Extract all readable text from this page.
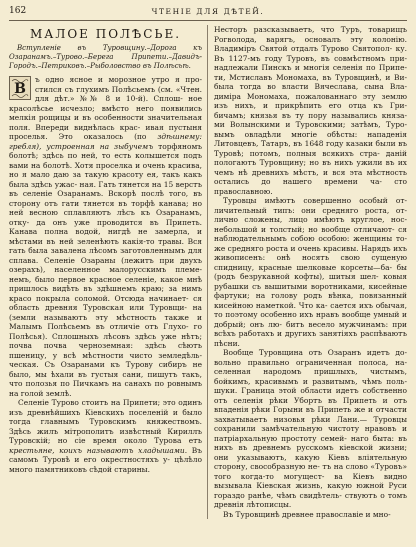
162	ЧТЕНІЕ ДЛЯ ДѢТЕЙ.
МАЛОЕ ПОЛѢСЬЕ.
Вступленіе въ Туровщину.–Дорога къ Озаранамъ.–Турово.–Берега Припети.–Давидъ-Городъ.–Петриковъ.–Рыболовство въ Полѣсьѣ.
В

ъ одно ясное и морозное утро я про- стился съ глухимъ Полѣсьемъ (см. «Чтен. для дѣт.» №№ 8 и 10-й). Сплош- ное красолѣсье исчезло; вмѣсто него появились мелкія рощицы и въ особенности значительная поля. Впереди виднѣлась крас- ивая пустыня проселья. Это оказалось (по здѣшнему: гребля), устроенная на зыбучемъ торфяномъ болотѣ; здѣсь по ней, то есть колышется подъ вами на болотѣ. Хотя проселка и очень красива, но я мало даю за такую красоту ея, такъ какъ была здѣсь ужас- ная. Гать тянется на 15 верстъ въ селеніе Озаранамъ. Вскорѣ послѣ того, въ сторону отъ гати тянется въ торфѣ канава; но ней весною сплавляютъ лѣсъ къ Озаранамъ, отку- да онъ уже проводится въ Припеть. Канава полна водой, нигдѣ не замерла, и мѣстами въ ней зеленѣють какія-то травы. Вся гать была завалена лѣсомъ заготовленнымъ для сплава. Селеніе Озараны (лежитъ при двухъ озерахъ), населенное малорусскимъ племе- немъ, было первое красное селеніе, какое мнѣ пришлось видѣть въ здѣшнемъ краю; за нимъ красо покрыла соломой. Отсюда начинает- ся область древняя Туровская или Туровщи- на (земли называютъ эту мѣстность также и Малымъ Полѣсьемъ въ отличіе отъ Глухо- го Полѣсья). Сплошныхъ лѣсовъ здѣсь уже нѣтъ; почва почва черноземная: здѣсь сѣютъ пшеницу, у всѣ мѣстности чисто земледѣль- ческая. Съ Озаранами къ Турову сибиръ не было, мы ѣхали въ густыя сани, пишутъ такъ, что полозья по Пичкамъ на санахъ по ровнымъ на голой землѣ.

Селеніе Турово стоитъ на Припети; это одинъ изъ древнѣйшихъ Кіевскихъ поселеній и было тогда главнымъ Туровскимъ княжествомъ. Здѣсь жилъ мітрополитъ извѣстный Кириллъ Туровскій; но сіе время около Турова етъ крестьяне, коихъ называютъ хладышами. Въ самомъ Туровѣ и его окрестностяхъ у- цѣлѣло много памятниковъ сѣдой старины.

Несторъ разсказываетъ, что Туръ, товарищъ Рогволода, варягъ, основалъ эту колонію. Владиміръ Святой отдалъ Турово Святопол- ку. Въ 1127-мъ году Туровъ, въ совмѣстномъ при- надлежали Пинскъ и многія селенія по Припе- ти, Мстиславъ Мономаха, въ Туровщинѣ, и Ви- была тогда во власти Вячеслава, сына Вла- диміра Мономаха, пожалованнаго эту землю изъ нихъ, и прикрѣпить его отца къ Гри- бичамъ; князья въ ту пору назывались княза- ми Волынскими и Туровскими; затѣмъ, Туро- вымъ овладѣли многіе обѣсты: нападенія Литовцевъ, Татаръ, въ 1648 году казаки были въ Туровѣ; потомъ, полныя всякихъ стра- даній пологаютъ Туровщину; но въ нихъ ужили въ их чемъ нѣ древнихъ мѣстъ, и вся эта мѣстность остались до нашего времени ча- сто православною.

Туровцы имѣютъ совершенно особый от- личительный типъ: они средняго роста, от- лично сложены, лицо имѣютъ круглое, нос- небольшой и толстый; но вообще отличают- ся наблюдательнымъ собою особою: женщины то- же средняго роста и очень красивы. Нарядъ ихъ живописенъ: онѣ носятъ свою сущеную спидницу, красные шелковые корсеты—ба- бы (родъ безрукавной кофты), шитыя шел- ковыя рубашки съ вышитыми воротниками, кисейные фартуки; на голову родъ вѣнка, повязанный кисейною наметкой. Что ка- сается ихъ обычая, то поэтому особенно ихъ нравъ вообще умный и добрый; онъ лю- битъ весело мужчинамъ: при всѣхъ работахъ и другихъ занятіяхъ распѣваютъ пѣсни.

Вообще Туровщина отъ Озаранъ идетъ до- вольно правильно ограниченная полоса, на- селенная народомъ пришлыхъ, чистымъ, бойкимъ, красивымъ и развитымъ, чѣмъ поль- шуки. Граница этой области идетъ собственно отъ селенія рѣки Убортъ въ Припеть и отъ впаденія рѣки Горыни въ Припеть же и отчасти захватываетъ низовья рѣки Лани.— Туровцы сохранили замѣчательную чистоту нравовъ и патріархальную простоту семей- наго быта: въ нихъ въ древнемъ русскомъ кіевской жизни; они указываютъ, какую Кіевъ вліятельную сторону, свособразную не- тъ на слово «Туровъ» того когда-то могущест- ва Кіевъ видно вызывала Кіевская жизнь, какую южной Руси гораздо ранѣе, чѣмъ свидѣтель- ствуютъ о томъ древнія лѣтописцы.

Въ Туровщинѣ древнее православіе и мно-
